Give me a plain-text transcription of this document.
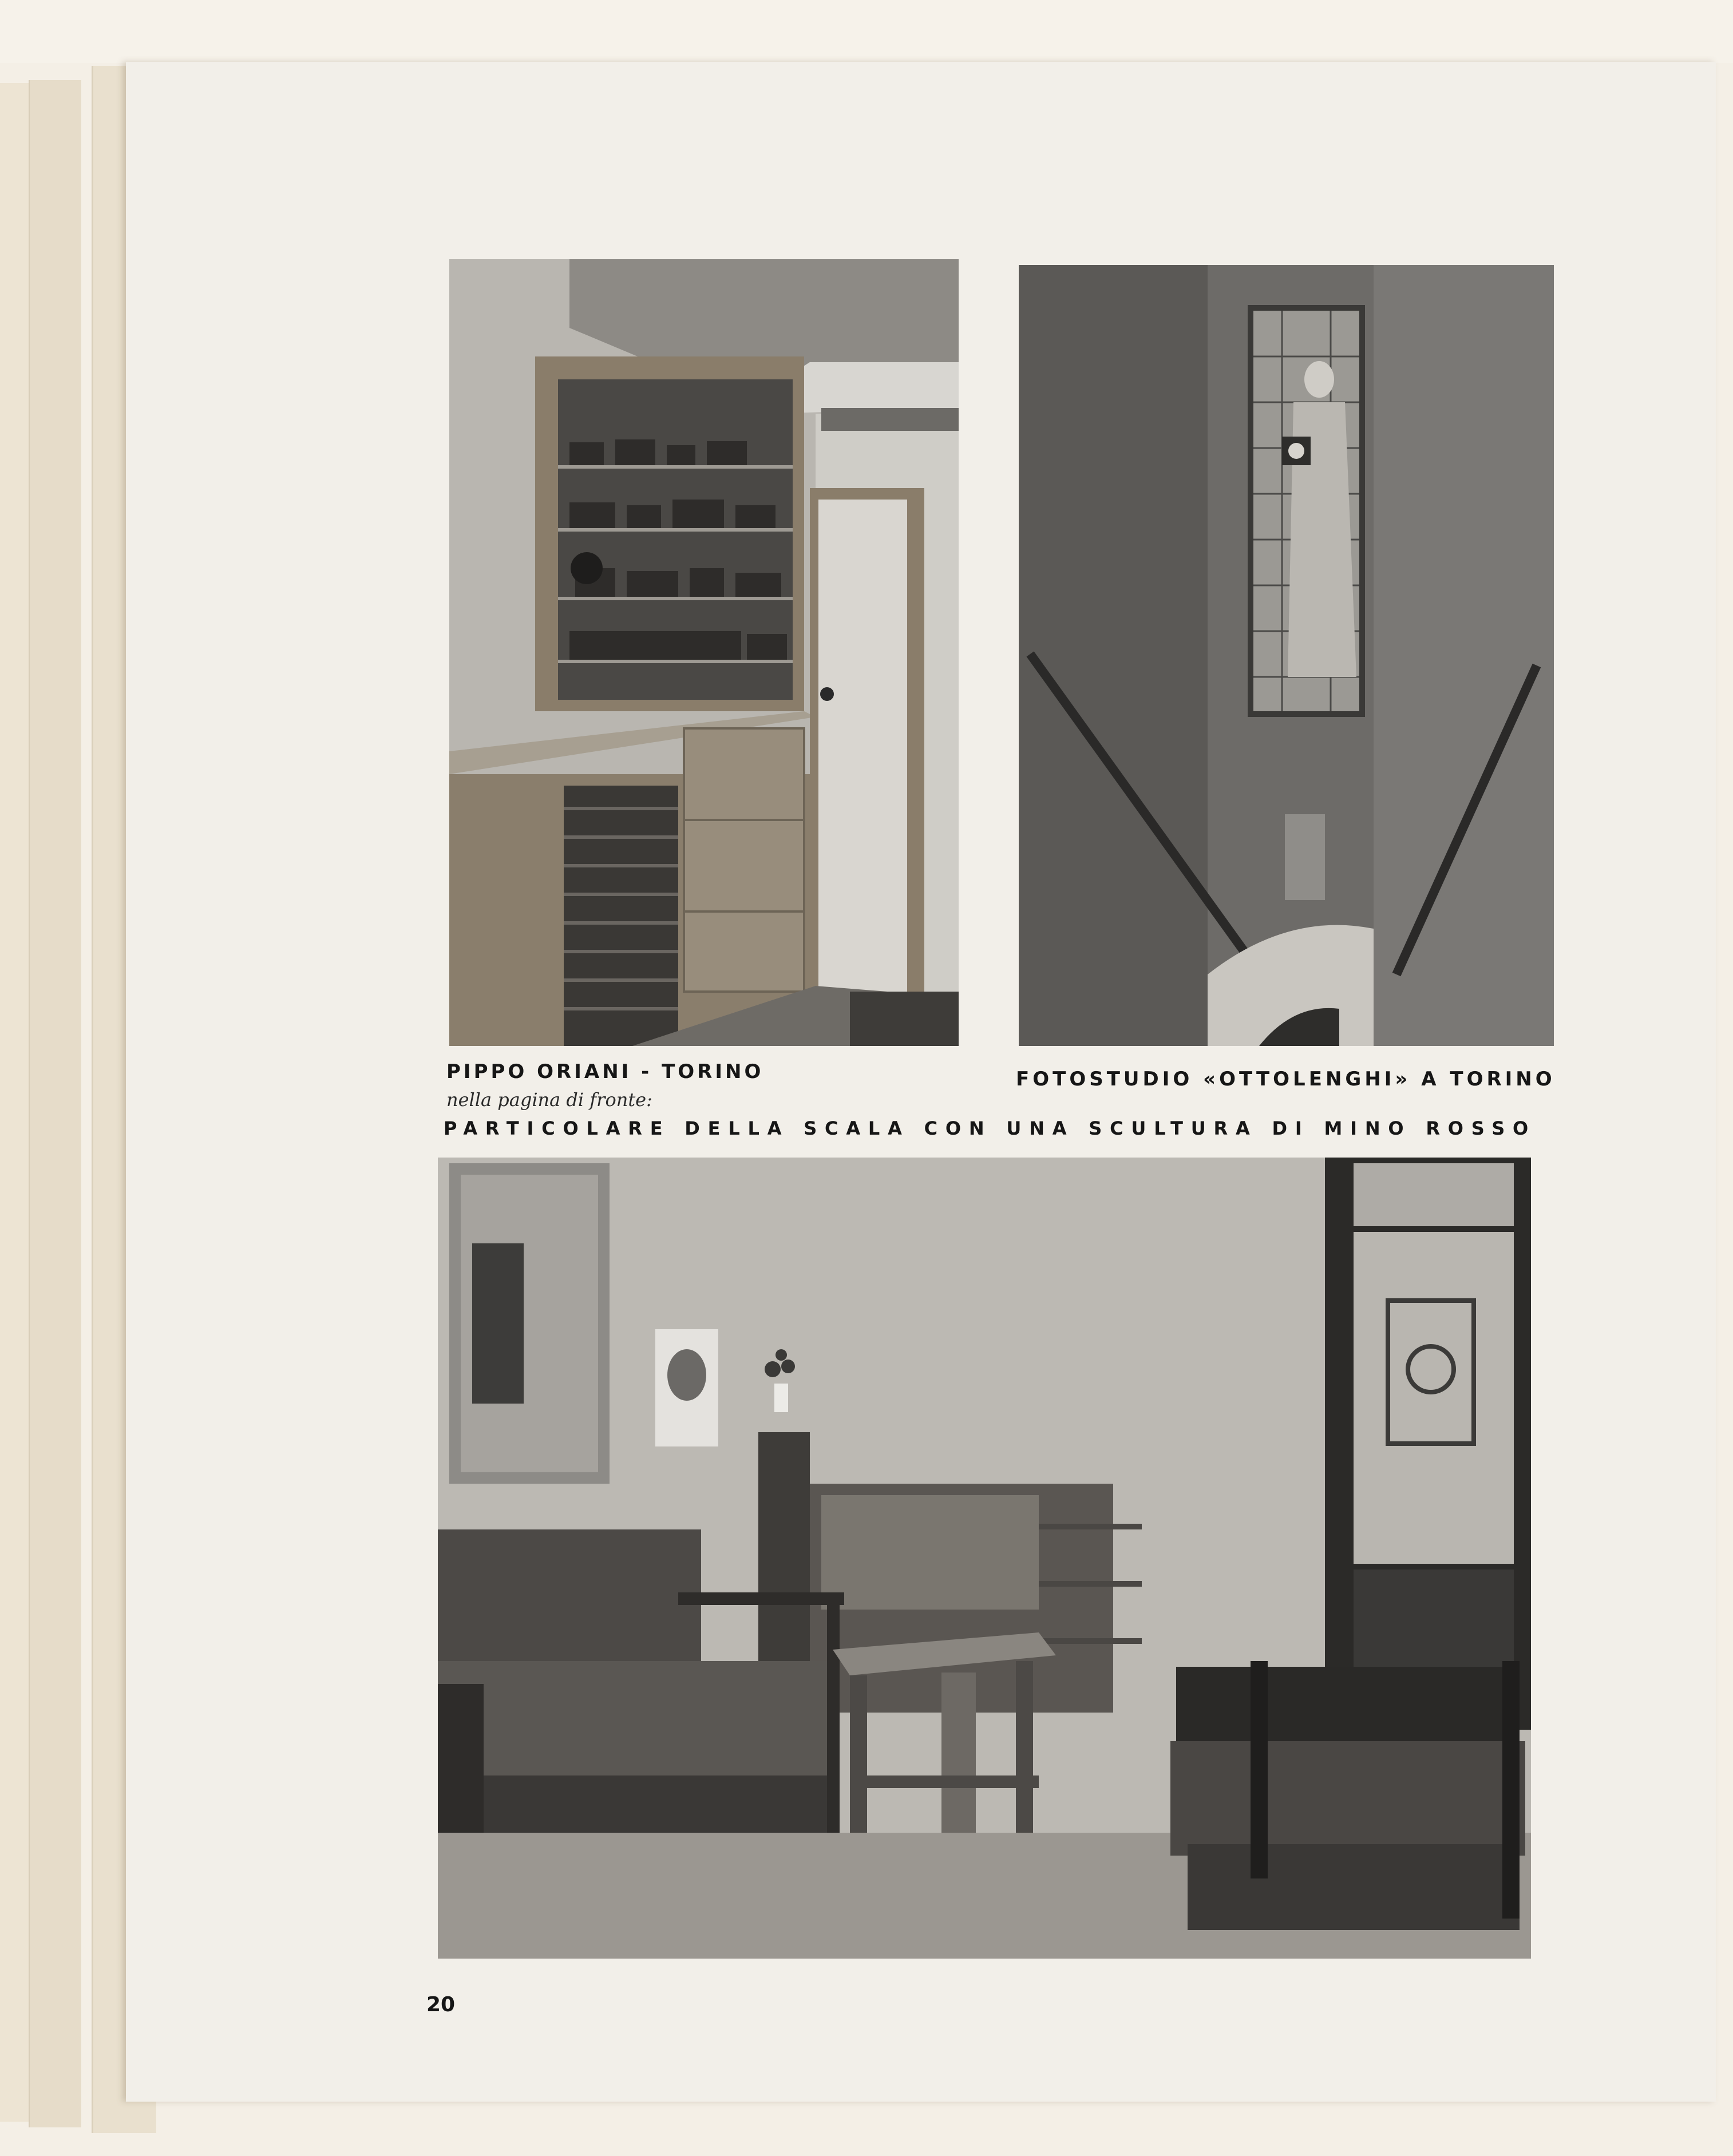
PIPPO ORIANI - TORINO	FOTOSTUDIO «OTTOLENGHI» A TORINO
nella pagina di fronte:
PARTICOLARE DELLA SCALA CON UNA SCULTURA DI MINO ROSSO
20
